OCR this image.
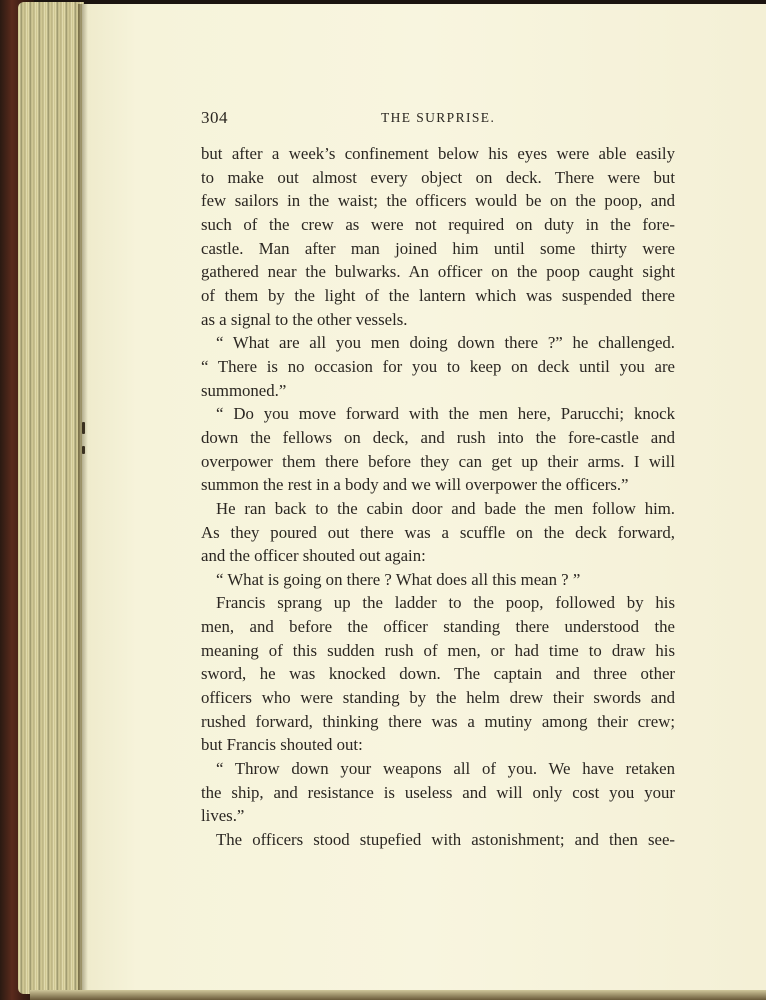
304	THE SURPRISE.
but after a week’s confinement below his eyes were able easily
to make out almost every object on deck. There were but
few sailors in the waist; the officers would be on the poop, and
such of the crew as were not required on duty in the fore-
castle. Man after man joined him until some thirty were
gathered near the bulwarks. An officer on the poop caught sight
of them by the light of the lantern which was suspended there
as a signal to the other vessels.
“ What are all you men doing down there ?” he challenged.
“ There is no occasion for you to keep on deck until you are
summoned.”
“ Do you move forward with the men here, Parucchi; knock
down the fellows on deck, and rush into the fore-castle and
overpower them there before they can get up their arms. I will
summon the rest in a body and we will overpower the officers.”
He ran back to the cabin door and bade the men follow him.
As they poured out there was a scuffle on the deck forward,
and the officer shouted out again:
“ What is going on there ? What does all this mean ? ”
Francis sprang up the ladder to the poop, followed by his
men, and before the officer standing there understood the
meaning of this sudden rush of men, or had time to draw his
sword, he was knocked down. The captain and three other
officers who were standing by the helm drew their swords and
rushed forward, thinking there was a mutiny among their crew;
but Francis shouted out:
“ Throw down your weapons all of you. We have retaken
the ship, and resistance is useless and will only cost you your
lives.”
The officers stood stupefied with astonishment; and then see-
